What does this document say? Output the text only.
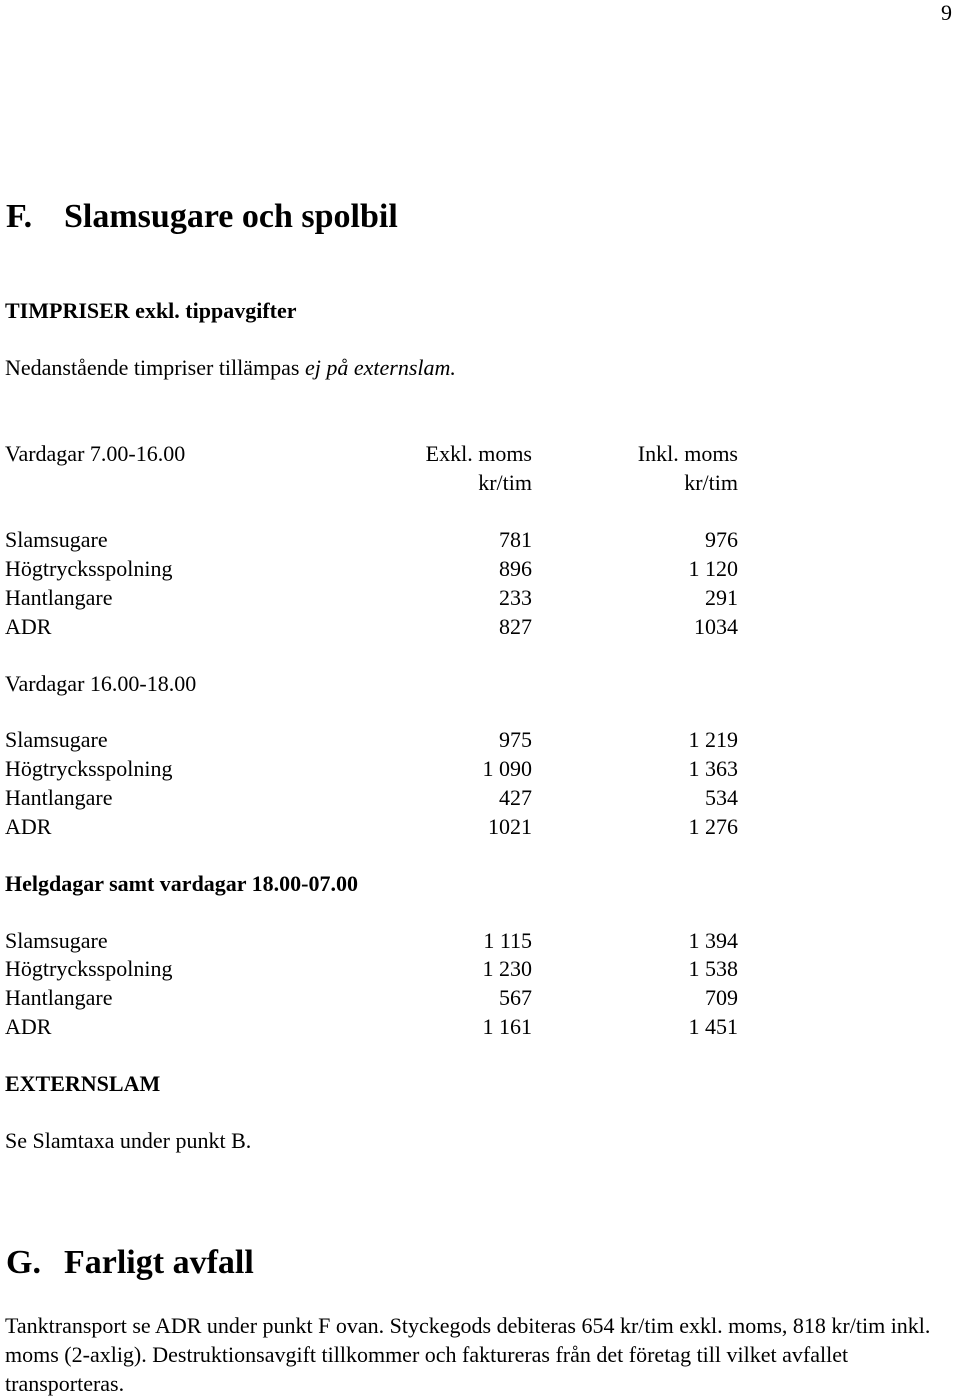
9
F. Slamsugare och spolbil
TIMPRISER exkl. tippavgifter
Nedanstående timpriser tillämpas ej på externslam.
Vardagar 7.00-16.00	Exkl. moms	Inkl. moms
kr/tim	kr/tim
Slamsugare	781	976
Högtrycksspolning	896	1 120
Hantlangare	233	291
ADR	827	1034
Vardagar 16.00-18.00
Slamsugare	975	1 219
Högtrycksspolning	1 090	1 363
Hantlangare	427	534
ADR	1021	1 276
Helgdagar samt vardagar 18.00-07.00
Slamsugare	1 115	1 394
Högtrycksspolning	1 230	1 538
Hantlangare	567	709
ADR	1 161	1 451
EXTERNSLAM
Se Slamtaxa under punkt B.
G. Farligt avfall
Tanktransport se ADR under punkt F ovan. Styckegods debiteras 654 kr/tim exkl. moms, 818 kr/tim inkl. moms (2-axlig). Destruktionsavgift tillkommer och faktureras från det företag till vilket avfallet transporteras.
